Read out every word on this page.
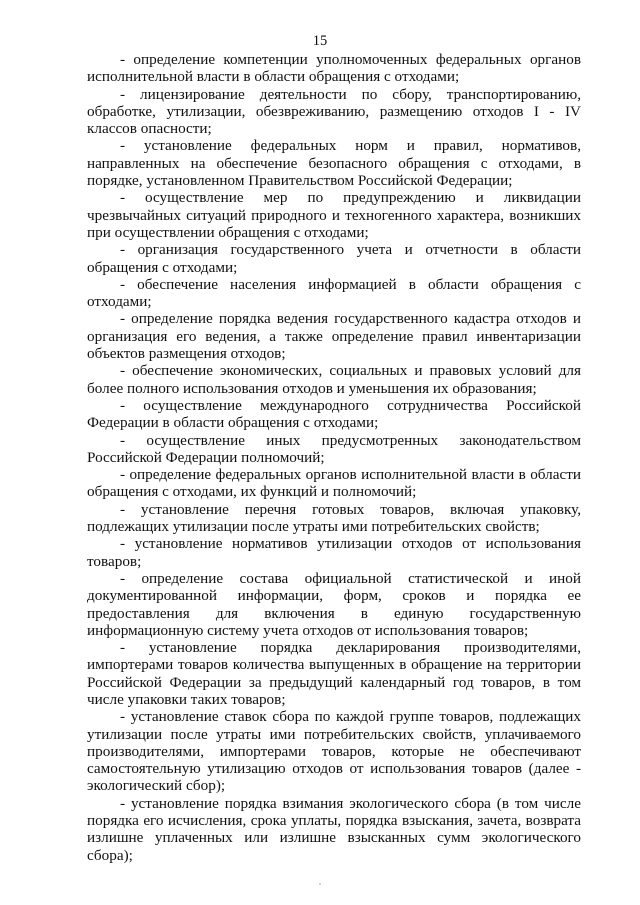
15

- определение компетенции уполномоченных федеральных органов исполнительной власти в области обращения с отходами;

- лицензирование деятельности по сбору, транспортированию, обработке, утилизации, обезвреживанию, размещению отходов I - IV классов опасности;

- установление федеральных норм и правил, нормативов, направленных на обеспечение безопасного обращения с отходами, в порядке, установленном Правительством Российской Федерации;

- осуществление мер по предупреждению и ликвидации чрезвычайных ситуаций природного и техногенного характера, возникших при осуществлении обращения с отходами;

- организация государственного учета и отчетности в области обращения с отходами;

- обеспечение населения информацией в области обращения с отходами;

- определение порядка ведения государственного кадастра отходов и организация его ведения, а также определение правил инвентаризации объектов размещения отходов;

- обеспечение экономических, социальных и правовых условий для более полного использования отходов и уменьшения их образования;

- осуществление международного сотрудничества Российской Федерации в области обращения с отходами;

- осуществление иных предусмотренных законодательством Российской Федерации полномочий;

- определение федеральных органов исполнительной власти в области обращения с отходами, их функций и полномочий;

- установление перечня готовых товаров, включая упаковку, подлежащих утилизации после утраты ими потребительских свойств;

- установление нормативов утилизации отходов от использования товаров;

- определение состава официальной статистической и иной документированной информации, форм, сроков и порядка ее предоставления для включения в единую государственную информационную систему учета отходов от использования товаров;

- установление порядка декларирования производителями, импортерами товаров количества выпущенных в обращение на территории Российской Федерации за предыдущий календарный год товаров, в том числе упаковки таких товаров;

- установление ставок сбора по каждой группе товаров, подлежащих утилизации после утраты ими потребительских свойств, уплачиваемого производителями, импортерами товаров, которые не обеспечивают самостоятельную утилизацию отходов от использования товаров (далее - экологический сбор);

- установление порядка взимания экологического сбора (в том числе порядка его исчисления, срока уплаты, порядка взыскания, зачета, возврата излишне уплаченных или излишне взысканных сумм экологического сбора);
